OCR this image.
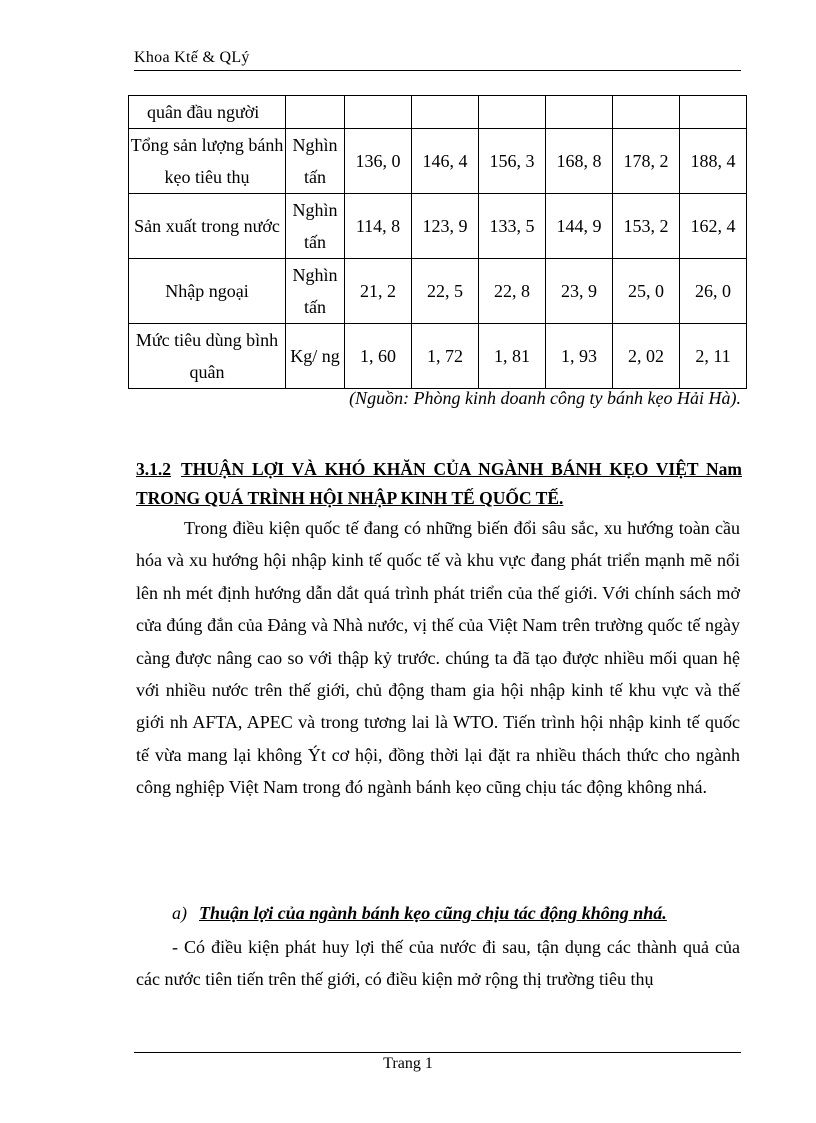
Khoa Ktế & QLý
quân đầu người							
Tổng sản lượng bánh kẹo tiêu thụ	Nghìn tấn	136, 0	146, 4	156, 3	168, 8	178, 2	188, 4
Sản xuất trong nước	Nghìn tấn	114, 8	123, 9	133, 5	144, 9	153, 2	162, 4
Nhập ngoại	Nghìn tấn	21, 2	22, 5	22, 8	23, 9	25, 0	26, 0
Mức tiêu dùng bình quân	Kg/ ng	1, 60	1, 72	1, 81	1, 93	2, 02	2, 11
(Nguồn: Phòng kinh doanh công ty bánh kẹo Hải Hà).
3.1.2 THUẬN LỢI VÀ KHÓ KHĂN CỦA NGÀNH BÁNH KẸO VIỆT Nam TRONG QUÁ TRÌNH HỘI NHẬP KINH TẾ QUỐC TẾ.
Trong điều kiện quốc tế đang có những biến đổi sâu sắc, xu hướng toàn cầu hóa và xu hướng hội nhập kinh tế quốc tế và khu vực đang phát triển mạnh mẽ nổi lên nh mét định hướng dẫn dắt quá trình phát triển của thế giới. Với chính sách mở cửa đúng đắn của Đảng và Nhà nước, vị thế của Việt Nam trên trường quốc tế ngày càng được nâng cao so với thập kỷ trước. chúng ta đã tạo được nhiều mối quan hệ với nhiều nước trên thế giới, chủ động tham gia hội nhập kinh tế khu vực và thế giới nh AFTA, APEC và trong tương lai là WTO. Tiến trình hội nhập kinh tế quốc tế vừa mang lại không Ýt cơ hội, đồng thời lại đặt ra nhiều thách thức cho ngành công nghiệp Việt Nam trong đó ngành bánh kẹo cũng chịu tác động không nhá.
a) Thuận lợi của ngành bánh kẹo cũng chịu tác động không nhá.
- Có điều kiện phát huy lợi thế của nước đi sau, tận dụng các thành quả của các nước tiên tiến trên thế giới, có điều kiện mở rộng thị trường tiêu thụ
Trang 1
